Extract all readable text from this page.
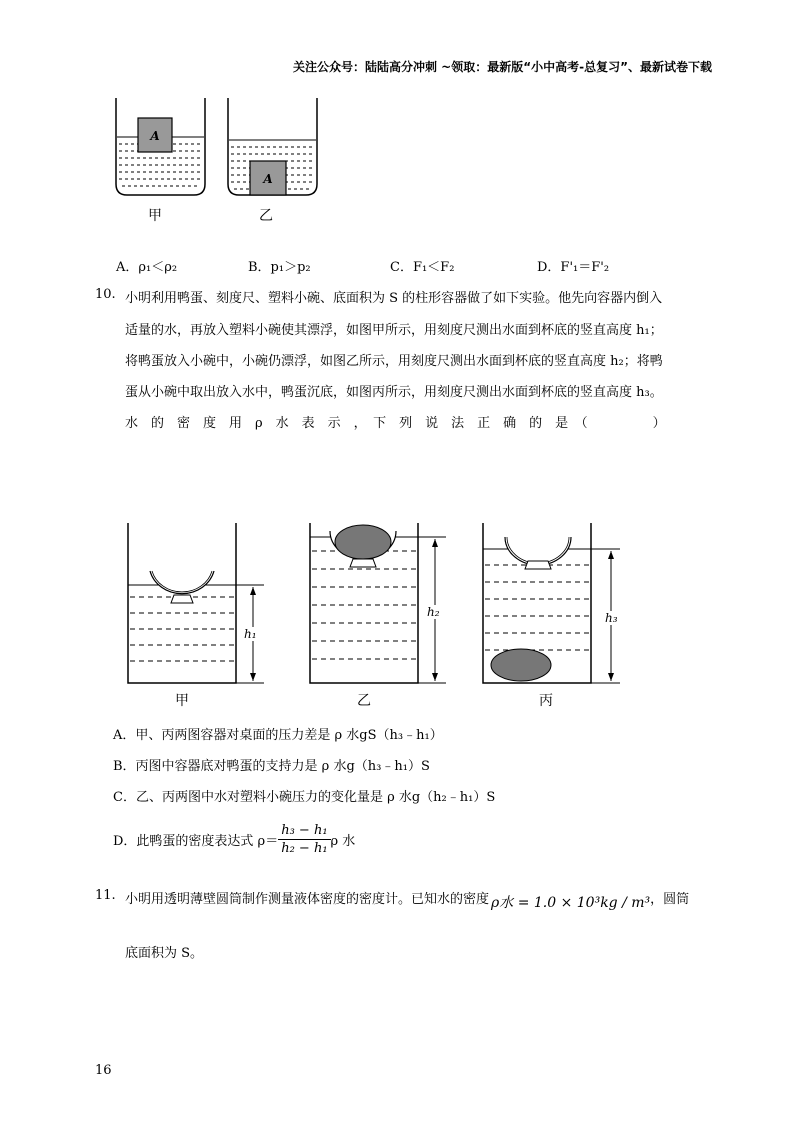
关注公众号：陆陆高分冲刺 ~领取：最新版“小中高考-总复习”、最新试卷下载
A
A
甲	乙
A．ρ₁＜ρ₂	B．p₁＞p₂	C．F₁＜F₂	D．F'₁＝F'₂
10. 小明利用鸭蛋、刻度尺、塑料小碗、底面积为 S 的柱形容器做了如下实验。他先向容器内倒入
适量的水，再放入塑料小碗使其漂浮，如图甲所示，用刻度尺测出水面到杯底的竖直高度 h₁；
将鸭蛋放入小碗中，小碗仍漂浮，如图乙所示，用刻度尺测出水面到杯底的竖直高度 h₂；将鸭
蛋从小碗中取出放入水中，鸭蛋沉底，如图丙所示，用刻度尺测出水面到杯底的竖直高度 h₃。
水　的　密　度　用　ρ　水　表　示　，　下　列　说　法　正　确　的　是　（　　　　　）
h₁
h₂	h₃
甲	乙	丙
A．甲、丙两图容器对桌面的压力差是 ρ 水gS（h₃﹣h₁）
B．丙图中容器底对鸭蛋的支持力是 ρ 水g（h₃﹣h₁）S
C．乙、丙两图中水对塑料小碗压力的变化量是 ρ 水g（h₂﹣h₁）S
D．此鸭蛋的密度表达式 $\rho= \frac{\text{h₃ − h₁}}{\text{h₂ − h₁}}$ ρ 水
11. 小明用透明薄壁圆筒制作测量液体密度的密度计。已知水的密度 ρ水 = 1.0 × 10³kg / m³，圆筒
底面积为 S。
16
